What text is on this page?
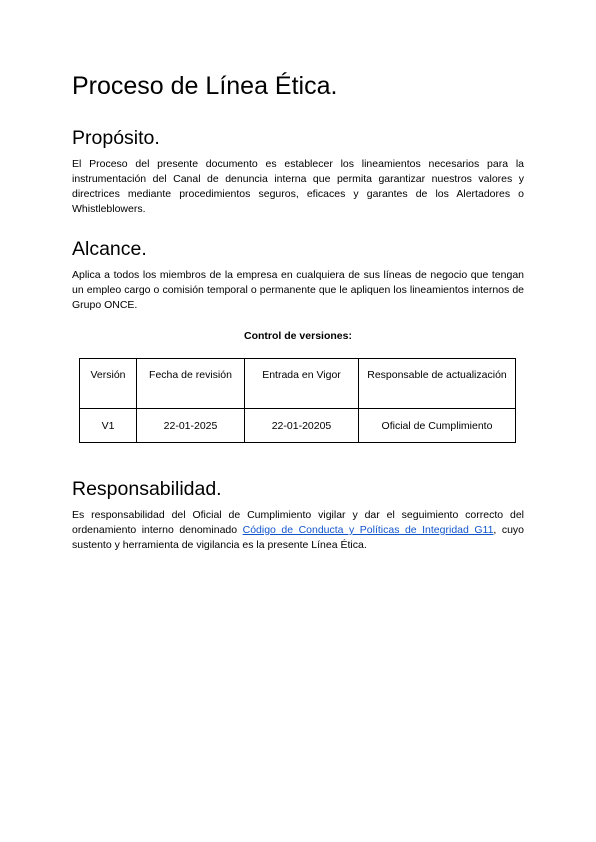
Proceso de Línea Ética.
Propósito.

El Proceso del presente documento es establecer los lineamientos necesarios para la instrumentación del Canal de denuncia interna que permita garantizar nuestros valores y directrices mediante procedimientos seguros, eficaces y garantes de los Alertadores o Whistleblowers.

Alcance.

Aplica a todos los miembros de la empresa en cualquiera de sus líneas de negocio que tengan un empleo cargo o comisión temporal o permanente que le apliquen los lineamientos internos de Grupo ONCE.

Control de versiones:
Versión	Fecha de revisión	Entrada en Vigor	Responsable de actualización
V1	22-01-2025	22-01-20205	Oficial de Cumplimiento
Responsabilidad.

Es responsabilidad del Oficial de Cumplimiento vigilar y dar el seguimiento correcto del ordenamiento interno denominado Código de Conducta y Políticas de Integridad G11, cuyo sustento y herramienta de vigilancia es la presente Línea Ética.
